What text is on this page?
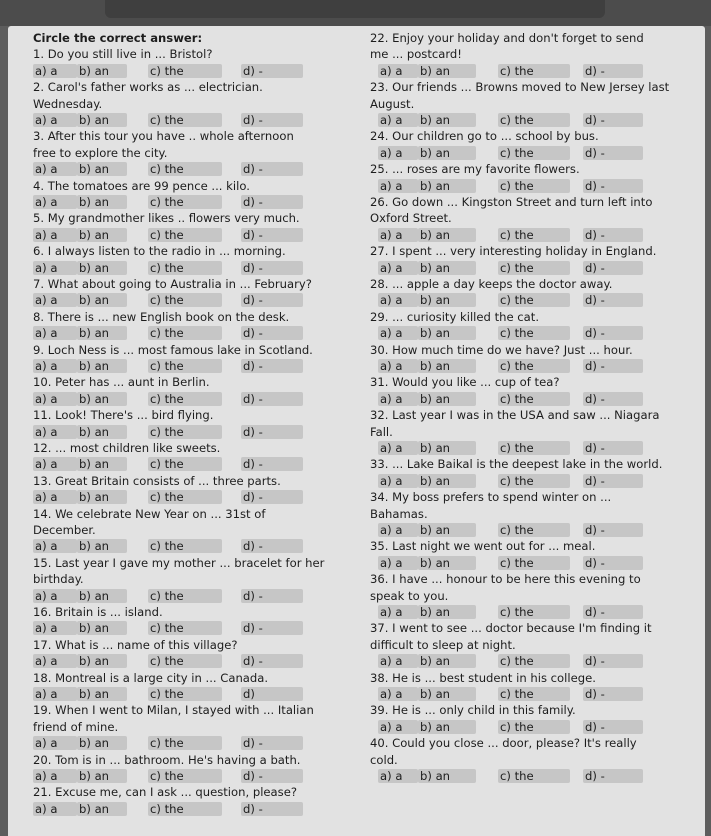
Circle the correct answer:

1. Do you still live in ... Bristol?

a) a	b) an	c) the	d) -

2. Carol's father works as ... electrician.

Wednesday.

a) a	b) an	c) the	d) -

3. After this tour you have .. whole afternoon

free to explore the city.

a) a	b) an	c) the	d) -

4. The tomatoes are 99 pence ... kilo.

a) a	b) an	c) the	d) -

5. My grandmother likes .. flowers very much.

a) a	b) an	c) the	d) -

6. I always listen to the radio in ... morning.

a) a	b) an	c) the	d) -

7. What about going to Australia in ... February?

a) a	b) an	c) the	d) -

8. There is ... new English book on the desk.

a) a	b) an	c) the	d) -

9. Loch Ness is ... most famous lake in Scotland.

a) a	b) an	c) the	d) -

10. Peter has ... aunt in Berlin.

a) a	b) an	c) the	d) -

11. Look! There's ... bird flying.

a) a	b) an	c) the	d) -

12. ... most children like sweets.

a) a	b) an	c) the	d) -

13. Great Britain consists of ... three parts.

a) a	b) an	c) the	d) -

14. We celebrate New Year on ... 31st of

December.

a) a	b) an	c) the	d) -

15. Last year I gave my mother ... bracelet for her

birthday.

a) a	b) an	c) the	d) -

16. Britain is ... island.

a) a	b) an	c) the	d) -

17. What is ... name of this village?

a) a	b) an	c) the	d) -

18. Montreal is a large city in ... Canada.

a) a	b) an	c) the	d)

19. When I went to Milan, I stayed with ... Italian

friend of mine.

a) a	b) an	c) the	d) -

20. Tom is in ... bathroom. He's having a bath.

a) a	b) an	c) the	d) -

21. Excuse me, can I ask ... question, please?

a) a	b) an	c) the	d) -

22. Enjoy your holiday and don't forget to send

me ... postcard!

a) a	b) an	c) the	d) -

23. Our friends ... Browns moved to New Jersey last

August.

a) a	b) an	c) the	d) -

24. Our children go to ... school by bus.

a) a	b) an	c) the	d) -

25. ... roses are my favorite flowers.

a) a	b) an	c) the	d) -

26. Go down ... Kingston Street and turn left into

Oxford Street.

a) a	b) an	c) the	d) -

27. I spent ... very interesting holiday in England.

a) a	b) an	c) the	d) -

28. ... apple a day keeps the doctor away.

a) a	b) an	c) the	d) -

29. ... curiosity killed the cat.

a) a	b) an	c) the	d) -

30. How much time do we have? Just ... hour.

a) a	b) an	c) the	d) -

31. Would you like ... cup of tea?

a) a	b) an	c) the	d) -

32. Last year I was in the USA and saw ... Niagara

Fall.

a) a	b) an	c) the	d) -

33. ... Lake Baikal is the deepest lake in the world.

a) a	b) an	c) the	d) -

34. My boss prefers to spend winter on ...

Bahamas.

a) a	b) an	c) the	d) -

35. Last night we went out for ... meal.

a) a	b) an	c) the	d) -

36. I have ... honour to be here this evening to

speak to you.

a) a	b) an	c) the	d) -

37. I went to see ... doctor because I'm finding it

difficult to sleep at night.

a) a	b) an	c) the	d) -

38. He is ... best student in his college.

a) a	b) an	c) the	d) -

39. He is ... only child in this family.

a) a	b) an	c) the	d) -

40. Could you close ... door, please? It's really

cold.

a) a	b) an	c) the	d) -
